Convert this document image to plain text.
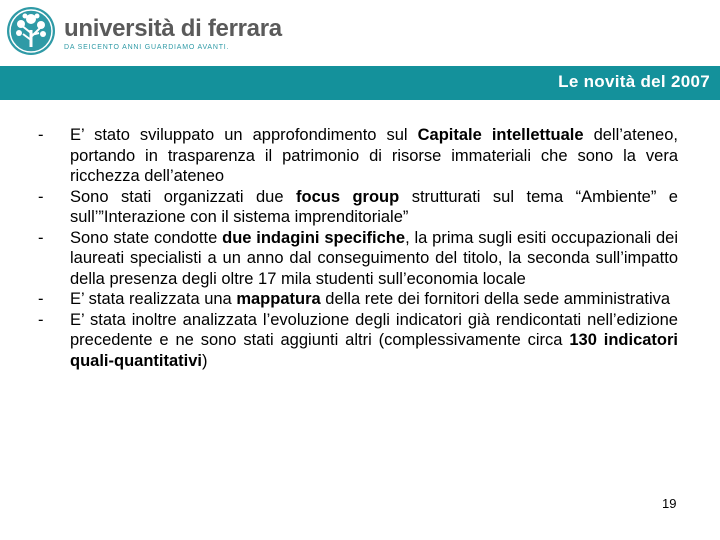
università di ferrara
DA SEICENTO ANNI GUARDIAMO AVANTI.
Le novità del 2007
- E’ stato sviluppato un approfondimento sul Capitale intellettuale dell’ateneo, portando in trasparenza il patrimonio di risorse immateriali che sono la vera ricchezza dell’ateneo
- Sono stati organizzati due focus group strutturati sul tema “Ambiente” e sull’”Interazione con il sistema imprenditoriale”
- Sono state condotte due indagini specifiche, la prima sugli esiti occupazionali dei laureati specialisti a un anno dal conseguimento del titolo, la seconda sull’impatto della presenza degli oltre 17 mila studenti sull’economia locale
- E’ stata realizzata una mappatura della rete dei fornitori della sede amministrativa
- E’ stata inoltre analizzata l’evoluzione degli indicatori già rendicontati nell’edizione precedente e ne sono stati aggiunti altri (complessivamente circa 130 indicatori quali-quantitativi)
19
